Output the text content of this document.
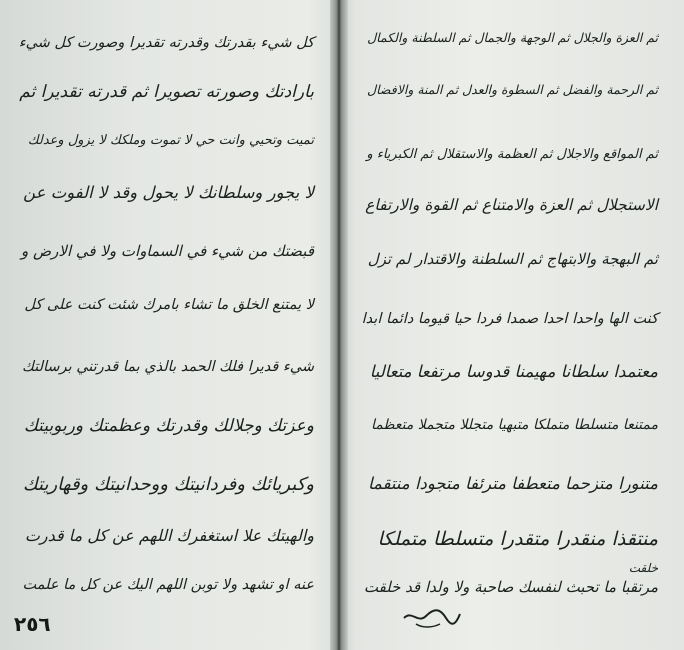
كل شيء بقدرتك وقدرته تقديرا وصورت كل شيء
بارادتك وصورته تصويرا ثم قدرته تقديرا ثم
تميت وتحيي وانت حي لا تموت وملكك لا يزول وعدلك
لا يجور وسلطانك لا يحول وقد لا الفوت عن
قبضتك من شيء في السماوات ولا في الارض و
لا يمتنع الخلق ما تشاء بامرك شئت كنت على كل
شيء قديرا فلك الحمد بالذي بما قدرتني برسالتك
وعزتك وجلالك وقدرتك وعظمتك وربوبيتك
وكبريائك وفردانيتك ووحدانيتك وقهاريتك
والهيتك علا استغفرك اللهم عن كل ما قدرت
عنه او تشهد ولا توبن اللهم اليك عن كل ما علمت
٢٥٦
ثم العزة والجلال ثم الوجهة والجمال ثم السلطنة والكمال
ثم الرحمة والفضل ثم السطوة والعدل ثم المنة والافضال
ثم المواقع والاجلال ثم العظمة والاستقلال ثم الكبرياء و
الاستجلال ثم العزة والامتناع ثم القوة والارتفاع
ثم البهجة والابتهاج ثم السلطنة والاقتدار لم تزل
كنت الها واحدا احدا صمدا فردا حيا قيوما دائما ابدا
معتمدا سلطانا مهيمنا قدوسا مرتفعا متعاليا
ممتنعا متسلطا متملكا متبهيا متجللا متجملا متعظما
متنورا متزحما متعطفا مترئفا متجودا منتقما
منتقذا منقدرا متقدرا متسلطا متملكا
مرتقبا ما تحبث لنفسك صاحبة ولا ولدا قد خلقت
خلقت
